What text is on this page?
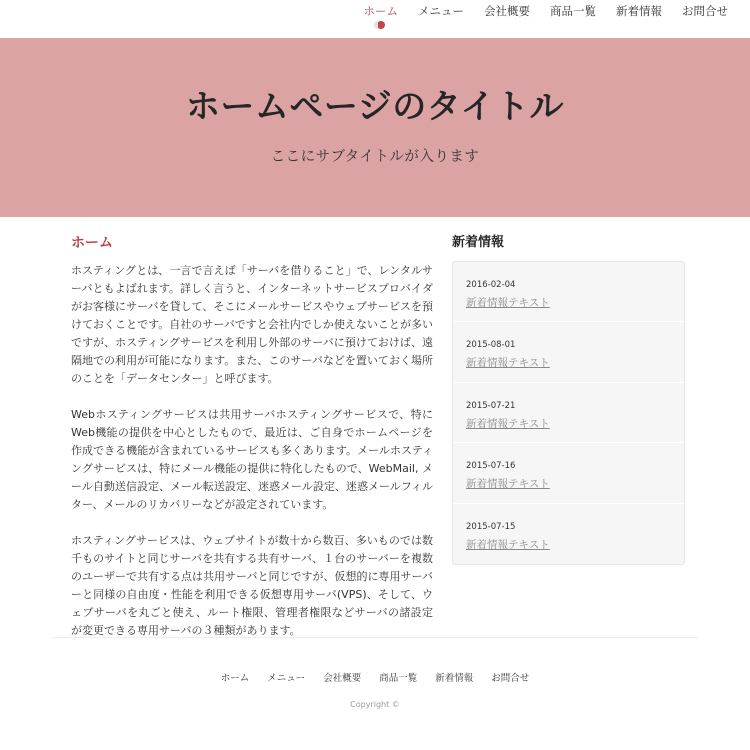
ホーム メニュー 会社概要 商品一覧 新着情報 お問合せ
ホームページのタイトル

ここにサブタイトルが入ります

ホーム

ホスティングとは、一言で言えば「サーバを借りること」で、レンタルサーバともよばれます。詳しく言うと、インターネットサービスプロバイダがお客様にサーバを貸して、そこにメールサービスやウェブサービスを預けておくことです。自社のサーバですと会社内でしか使えないことが多いですが、ホスティングサービスを利用し外部のサーバに預けておけば、遠隔地での利用が可能になります。また、このサーバなどを置いておく場所のことを「データセンター」と呼びます。

Webホスティングサービスは共用サーバホスティングサービスで、特にWeb機能の提供を中心としたもので、最近は、ご自身でホームページを作成できる機能が含まれているサービスも多くあります。メールホスティングサービスは、特にメール機能の提供に特化したもので、WebMail, メール自動送信設定、メール転送設定、迷惑メール設定、迷惑メールフィルター、メールのリカバリーなどが設定されています。

ホスティングサービスは、ウェブサイトが数十から数百、多いものでは数千ものサイトと同じサーバを共有する共有サーバ、１台のサーバーを複数のユーザーで共有する点は共用サーバと同じですが、仮想的に専用サーバーと同様の自由度・性能を利用できる仮想専用サーバ(VPS)、そして、ウェブサーバを丸ごと使え、ルート権限、管理者権限などサーバの諸設定が変更できる専用サーバの３種類があります。

新着情報
2016-02-04
新着情報テキスト
2015-08-01
新着情報テキスト
2015-07-21
新着情報テキスト
2015-07-16
新着情報テキスト
2015-07-15
新着情報テキスト
ホーム メニュー 会社概要 商品一覧 新着情報 お問合せ
Copyright ©
